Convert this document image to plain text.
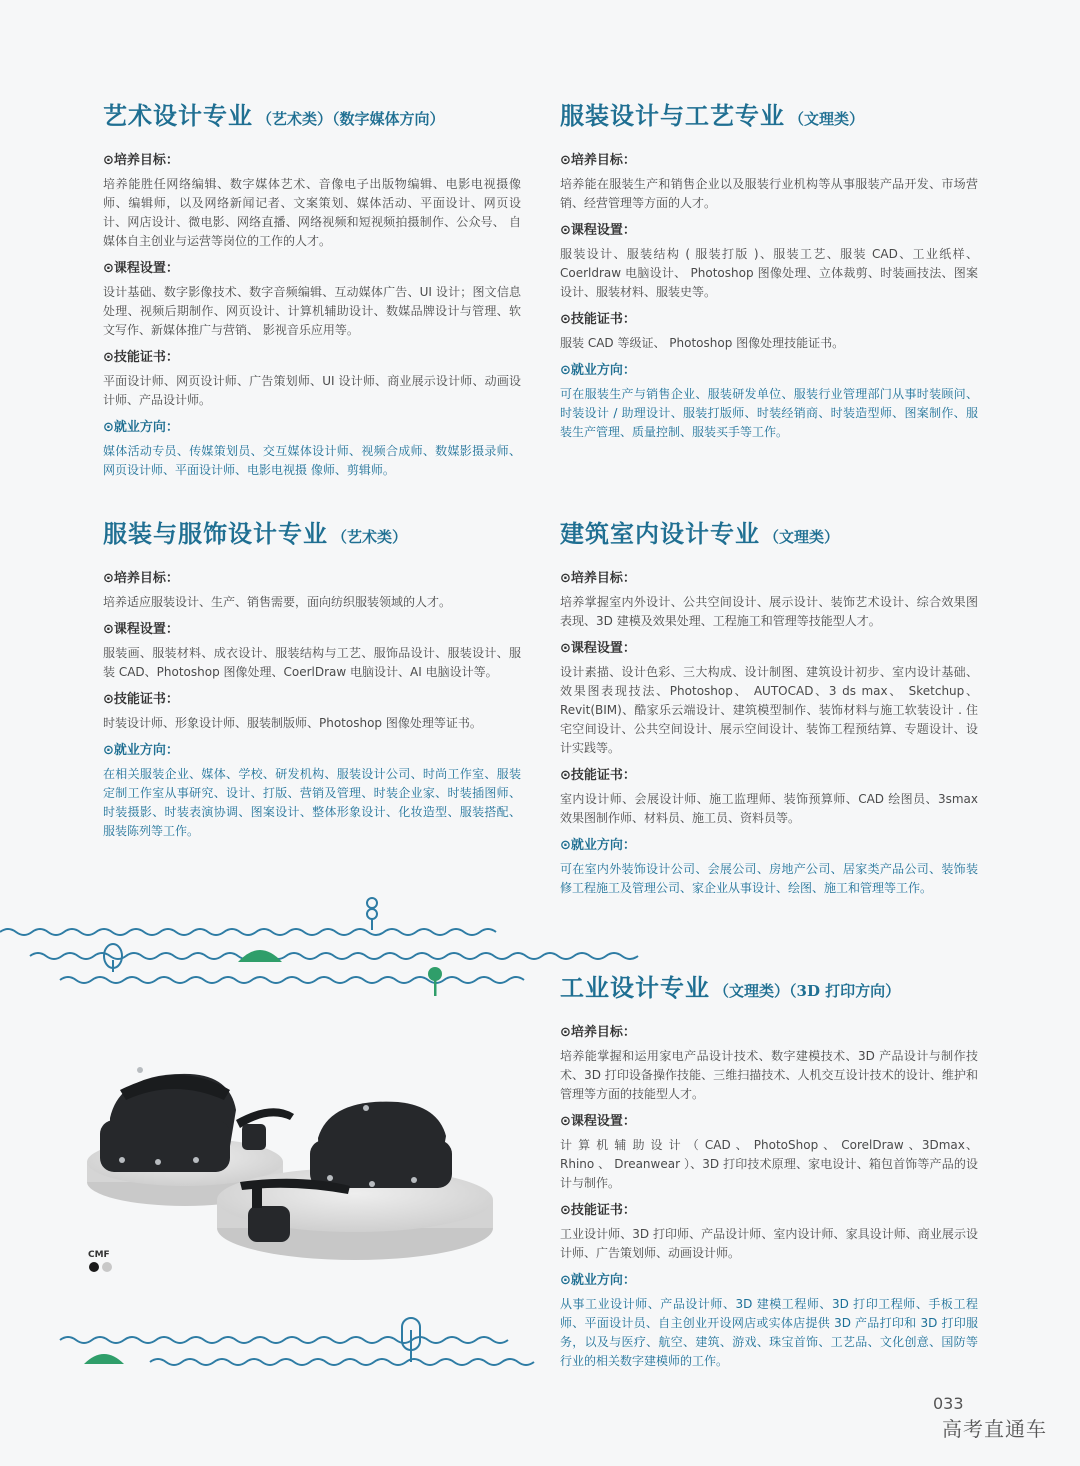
艺术设计专业 （艺术类）（数字媒体方向）
⊙培养目标：
培养能胜任网络编辑、数字媒体艺术、音像电子出版物编辑、电影电视摄像师、编辑师，以及网络新闻记者、文案策划、媒体活动、平面设计、网页设计、网店设计、微电影、网络直播、网络视频和短视频拍摄制作、公众号、 自媒体自主创业与运营等岗位的工作的人才。
⊙课程设置：
设计基础、数字影像技术、数字音频编辑、互动媒体广告、UI 设计；图文信息处理、视频后期制作、网页设计、计算机辅助设计、数媒品牌设计与管理、软文写作、新媒体推广与营销、 影视音乐应用等。
⊙技能证书：
平面设计师、网页设计师、广告策划师、UI 设计师、商业展示设计师、动画设计师、产品设计师。
⊙就业方向：
媒体活动专员、传媒策划员、交互媒体设计师、视频合成师、数媒影摄录师、网页设计师、平面设计师、电影电视摄 像师、剪辑师。
服装设计与工艺专业 （文理类）
⊙培养目标：
培养能在服装生产和销售企业以及服装行业机构等从事服装产品开发、市场营销、经营管理等方面的人才。
⊙课程设置：
服装设计、服装结构 ( 服装打版 )、服装工艺、服装 CAD、工业纸样、Coerldraw 电脑设计、 Photoshop 图像处理、立体裁剪、时装画技法、图案设计、服装材料、服装史等。
⊙技能证书：
服装 CAD 等级证、 Photoshop 图像处理技能证书。
⊙就业方向：
可在服装生产与销售企业、服装研发单位、服装行业管理部门从事时装顾问、时装设计 / 助理设计、服装打版师、时装经销商、时装造型师、图案制作、服装生产管理、质量控制、服装买手等工作。
服装与服饰设计专业 （艺术类）
⊙培养目标：
培养适应服装设计、生产、销售需要，面向纺织服装领域的人才。
⊙课程设置：
服装画、服装材料、成衣设计、服装结构与工艺、服饰品设计、服装设计、服装 CAD、Photoshop 图像处理、CoerlDraw 电脑设计、AI 电脑设计等。
⊙技能证书：
时装设计师、形象设计师、服装制版师、Photoshop 图像处理等证书。
⊙就业方向：
在相关服装企业、媒体、学校、研发机构、服装设计公司、时尚工作室、服装定制工作室从事研究、设计、打版、营销及管理、时装企业家、时装插图师、时装摄影、时装表演协调、图案设计、整体形象设计、化妆造型、服装搭配、服装陈列等工作。
建筑室内设计专业 （文理类）
⊙培养目标：
培养掌握室内外设计、公共空间设计、展示设计、装饰艺术设计、综合效果图表现、3D 建模及效果处理、工程施工和管理等技能型人才。
⊙课程设置：
设计素描、设计色彩、三大构成、设计制图、建筑设计初步、室内设计基础、效果图表现技法、Photoshop、 AUTOCAD、3 ds max、 Sketchup、Revit(BIM)、酷家乐云端设计、建筑模型制作、装饰材料与施工软装设计 . 住宅空间设计、公共空间设计、展示空间设计、装饰工程预结算、专题设计、设计实践等。
⊙技能证书：
室内设计师、会展设计师、施工监理师、装饰预算师、CAD 绘图员、3smax 效果图制作师、材料员、施工员、资料员等。
⊙就业方向：
可在室内外装饰设计公司、会展公司、房地产公司、居家类产品公司、装饰装修工程施工及管理公司、家企业从事设计、绘图、施工和管理等工作。
工业设计专业 （文理类）（3D 打印方向）
⊙培养目标：
培养能掌握和运用家电产品设计技术、数字建模技术、3D 产品设计与制作技术、3D 打印设备操作技能、三维扫描技术、人机交互设计技术的设计、维护和管理等方面的技能型人才。
⊙课程设置：
计 算 机 辅 助 设 计 （ CAD 、 PhotoShop 、 CorelDraw 、3Dmax、 Rhino 、 Dreanwear ）、3D 打印技术原理、家电设计、箱包首饰等产品的设计与制作。
⊙技能证书：
工业设计师、3D 打印师、产品设计师、室内设计师、家具设计师、商业展示设计师、广告策划师、动画设计师。
⊙就业方向：
从事工业设计师、产品设计师、3D 建模工程师、3D 打印工程师、手板工程师、平面设计员、自主创业开设网店或实体店提供 3D 产品打印和 3D 打印服务，以及与医疗、航空、建筑、游戏、珠宝首饰、工艺品、文化创意、国防等行业的相关数字建模师的工作。
CMF
033
高考直通车
